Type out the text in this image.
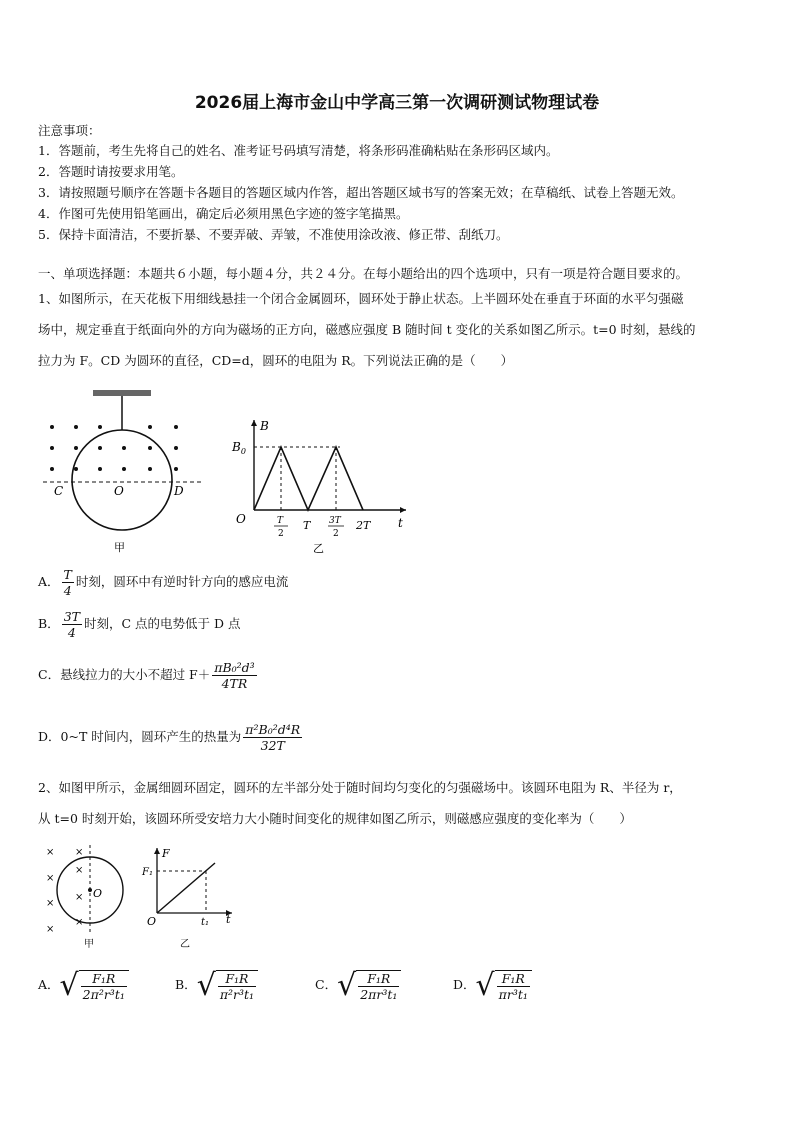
2026届上海市金山中学高三第一次调研测试物理试卷
注意事项：
1．答题前，考生先将自己的姓名、准考证号码填写清楚，将条形码准确粘贴在条形码区域内。
2．答题时请按要求用笔。
3．请按照题号顺序在答题卡各题目的答题区域内作答，超出答题区域书写的答案无效；在草稿纸、试卷上答题无效。
4．作图可先使用铅笔画出，确定后必须用黑色字迹的签字笔描黑。
5．保持卡面清洁，不要折暴、不要弄破、弄皱，不准使用涂改液、修正带、刮纸刀。
一、单项选择题：本题共６小题，每小题４分，共２４分。在每小题给出的四个选项中，只有一项是符合题目要求的。
1、如图所示，在天花板下用细线悬挂一个闭合金属圆环，圆环处于静止状态。上半圆环处在垂直于环面的水平匀强磁
场中，规定垂直于纸面向外的方向为磁场的正方向，磁感应强度 B 随时间 t 变化的关系如图乙所示。t=0 时刻，悬线的
拉力为 F。CD 为圆环的直径，CD=d，圆环的电阻为 R。下列说法正确的是（　　）
C	O	D
甲
B
$B_0$
O	T
2
T 3T
2
2T t
乙
A． $\frac{T}{4}$ 时刻，圆环中有逆时针方向的感应电流
B． $\frac{3T}{4}$ 时刻，C 点的电势低于 D 点
C．悬线拉力的大小不超过 $F+ \frac{\text{πB₀²d³}}{4TR}$
D．0~T 时间内，圆环产生的热量为 $\frac{\text{π²B₀²d⁴R}}{32T}$
2、如图甲所示，金属细圆环固定，圆环的左半部分处于随时间均匀变化的匀强磁场中。该圆环电阻为 R、半径为 r，
从 t=0 时刻开始，该圆环所受安培力大小随时间变化的规律如图乙所示，则磁感应强度的变化率为（　　）
× ×
×
×
×
×
×
×
O
甲
F
F₁
O	t₁ t
乙
A．√ $\frac{\text{F₁R}}{\text{2π²r³t₁}}$	B．√ $\frac{\text{F₁R}}{\text{π²r³t₁}}$	C．√ $\frac{\text{F₁R}}{\text{2πr³t₁}}$	D．√ $\frac{\text{F₁R}}{\text{πr³t₁}}$
